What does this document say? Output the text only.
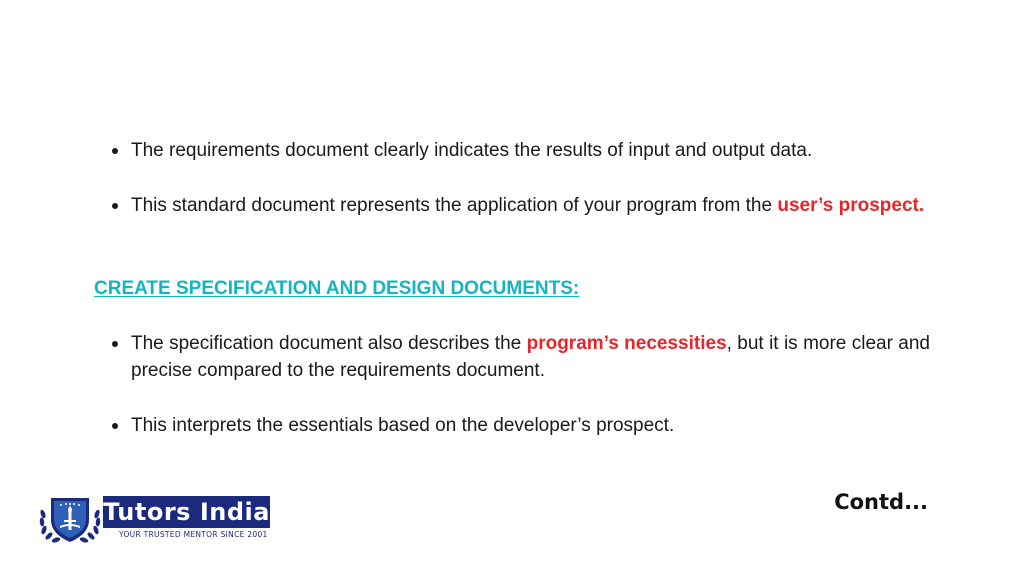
The requirements document clearly indicates the results of input and output data.
This standard document represents the application of your program from the user’s prospect.
CREATE SPECIFICATION AND DESIGN DOCUMENTS:
The specification document also describes the program’s necessities, but it is more clear and precise compared to the requirements document.
This interprets the essentials based on the developer’s prospect.
Tutors India
YOUR TRUSTED MENTOR SINCE 2001
Contd...
